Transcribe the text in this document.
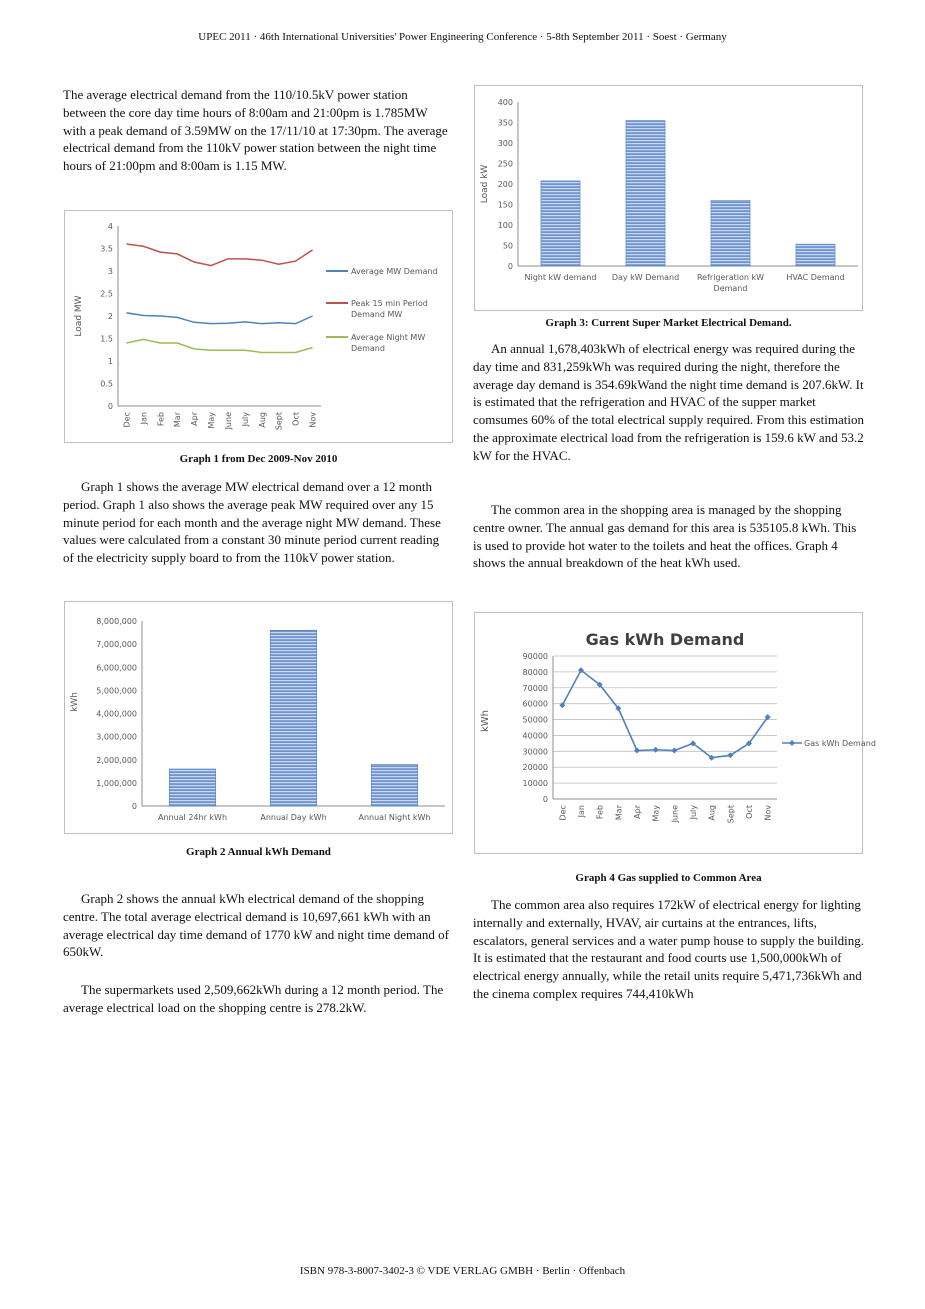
UPEC 2011 · 46th International Universities' Power Engineering Conference · 5-8th September 2011 · Soest · Germany

The average electrical demand from the 110/10.5kV power station between the core day time hours of 8:00am and 21:00pm is 1.785MW with a peak demand of 3.59MW on the 17/11/10 at 17:30pm. The average electrical demand from the 110kV power station between the night time hours of 21:00pm and 8:00am is 1.15 MW.

0
0.5
1
1.5
2
2.5
3
3.5
4
Load MW
Dec Jan Feb Mar Apr May June July Aug Sept Oct Nov
Average MW Demand
Peak 15 min Period Demand MW
Average Night MW Demand
Graph 1 from Dec 2009-Nov 2010

Graph 1 shows the average MW electrical demand over a 12 month period. Graph 1 also shows the average peak MW required over any 15 minute period for each month and the average night MW demand. These values were calculated from a constant 30 minute period current reading of the electricity supply board to from the 110kV power station.

0
1,000,000
2,000,000
3,000,000
4,000,000
5,000,000
6,000,000
7,000,000
8,000,000
Annual 24hr kWh	Annual Day kWh	Annual Night kWh
kWh
Graph 2 Annual kWh Demand

Graph 2 shows the annual kWh electrical demand of the shopping centre. The total average electrical demand is 10,697,661 kWh with an average electrical day time demand of 1770 kW and night time demand of 650kW.

The supermarkets used 2,509,662kWh during a 12 month period. The average electrical load on the shopping centre is 278.2kW.

0
50
100
150
200
250
300
350
400
Night kW demand Day kW Demand Refrigeration kW Demand
HVAC Demand
Load kW
Graph 3: Current Super Market Electrical Demand.

An annual 1,678,403kWh of electrical energy was required during the day time and 831,259kWh was required during the night, therefore the average day demand is 354.69kWand the night time demand is 207.6kW. It is estimated that the refrigeration and HVAC of the supper market comsumes 60% of the total electrical supply required. From this estimation the approximate electrical load from the refrigeration is 159.6 kW and 53.2 kW for the HVAC.

The common area in the shopping area is managed by the shopping centre owner. The annual gas demand for this area is 535105.8 kWh. This is used to provide hot water to the toilets and heat the offices. Graph 4 shows the annual breakdown of the heat kWh used.

Gas kWh Demand
0
10000
20000
30000
40000
50000
60000
70000
80000
90000
kWh
Dec Jan Feb Mar Apr May June July Aug Sept Oct Nov
Gas kWh Demand
Graph 4 Gas supplied to Common Area

The common area also requires 172kW of electrical energy for lighting internally and externally, HVAV, air curtains at the entrances, lifts, escalators, general services and a water pump house to supply the building. It is estimated that the restaurant and food courts use 1,500,000kWh of electrical energy annually, while the retail units require 5,471,736kWh and the cinema complex requires 744,410kWh

ISBN 978-3-8007-3402-3 © VDE VERLAG GMBH · Berlin · Offenbach
